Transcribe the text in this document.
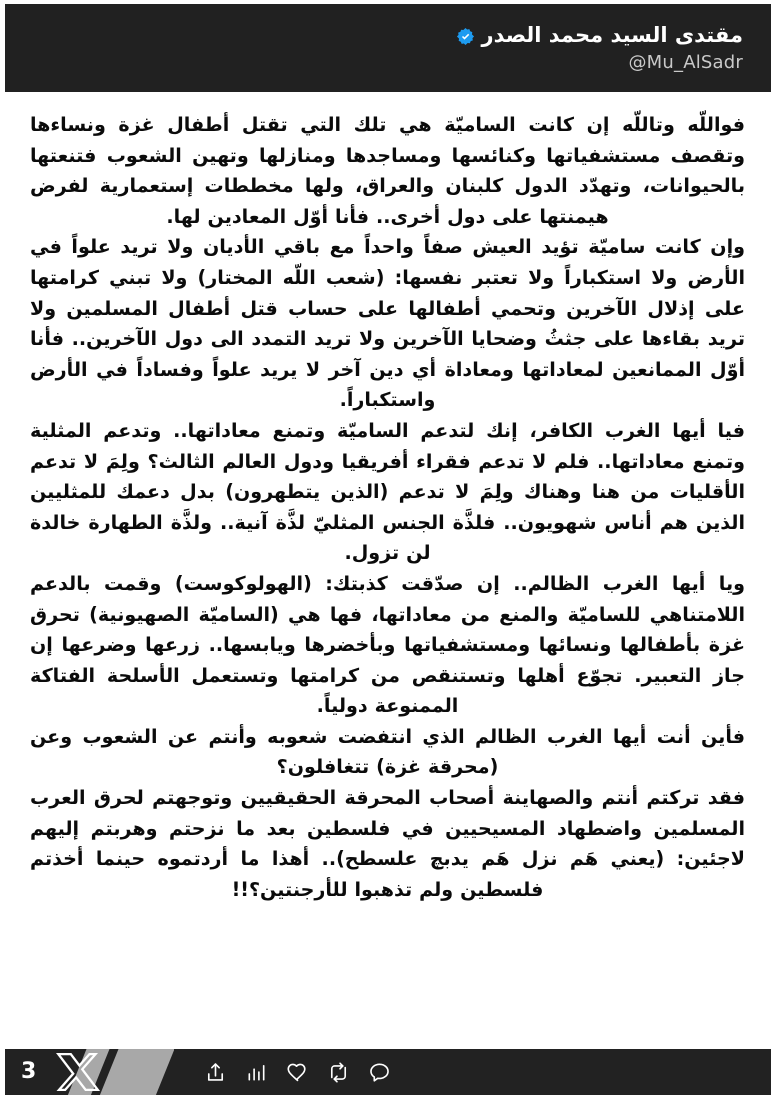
مقتدى السيد محمد الصدر
@Mu_AlSadr

فواللّه وتاللّه إن كانت الساميّة هي تلك التي تقتل أطفال غزة ونساءها وتقصف مستشفياتها وكنائسها ومساجدها ومنازلها وتهين الشعوب فتنعتها بالحيوانات، وتهدّد الدول كلبنان والعراق، ولها مخططات إستعمارية لفرض هيمنتها على دول أخرى.. فأنا أوّل المعادين لها.

وإن كانت ساميّة تؤيد العيش صفاً واحداً مع باقي الأديان ولا تريد علواً في الأرض ولا استكباراً ولا تعتبر نفسها: (شعب اللّه المختار) ولا تبني كرامتها على إذلال الآخرين وتحمي أطفالها على حساب قتل أطفال المسلمين ولا تريد بقاءها على جثثُ وضحايا الآخرين ولا تريد التمدد الى دول الآخرين.. فأنا أوّل الممانعين لمعاداتها ومعاداة أي دين آخر لا يريد علواً وفساداً في الأرض واستكباراً.

فيا أيها الغرب الكافر، إنك لتدعم الساميّة وتمنع معاداتها.. وتدعم المثلية وتمنع معاداتها.. فلم لا تدعم فقراء أفريقيا ودول العالم الثالث؟ ولِمَ لا تدعم الأقليات من هنا وهناك ولِمَ لا تدعم (الذين يتطهرون) بدل دعمك للمثليين الذين هم أناس شهويون.. فلذَّة الجنس المثليّ لذَّة آنية.. ولذَّة الطهارة خالدة لن تزول.

ويا أيها الغرب الظالم.. إن صدّقت كذبتك: (الهولوكوست) وقمت بالدعم اللامتناهي للساميّة والمنع من معاداتها، فها هي (الساميّة الصهيونية) تحرق غزة بأطفالها ونسائها ومستشفياتها وبأخضرها ويابسها.. زرعها وضرعها إن جاز التعبير. تجوّع أهلها وتستنقص من كرامتها وتستعمل الأسلحة الفتاكة الممنوعة دولياً.

فأين أنت أيها الغرب الظالم الذي انتفضت شعوبه وأنتم عن الشعوب وعن (محرقة غزة) تتغافلون؟

فقد تركتم أنتم والصهاينة أصحاب المحرقة الحقيقيين وتوجهتم لحرق العرب المسلمين واضطهاد المسيحيين في فلسطين بعد ما نزحتم وهربتم إليهم لاجئين: (يعني هَم نزل هَم يدبچ علسطح).. أهذا ما أردتموه حينما أخذتم فلسطين ولم تذهبوا للأرجنتين؟!!

3
